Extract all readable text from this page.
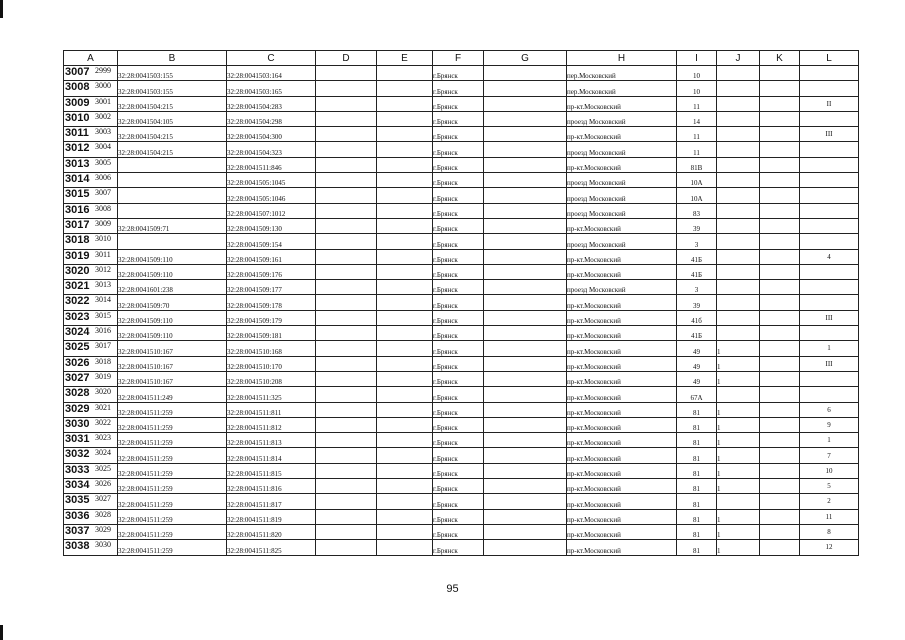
A	B	C	D	E	F	G	H	I	J	K	L

3007 2999	32:28:0041503:155	32:28:0041503:164			г.Брянск		пер.Московский	10			

3008 3000	32:28:0041503:155	32:28:0041503:165			г.Брянск		пер.Московский	10			

3009 3001	32:28:0041504:215	32:28:0041504:283			г.Брянск		пр-кт.Московский	11			II

3010 3002	32:28:0041504:105	32:28:0041504:298			г.Брянск		проезд Московский	14			

3011 3003	32:28:0041504:215	32:28:0041504:300			г.Брянск		пр-кт.Московский	11			III

3012 3004	32:28:0041504:215	32:28:0041504:323			г.Брянск		проезд Московский	11			

3013 3005		32:28:0041511:846			г.Брянск		пр-кт.Московский	81В			

3014 3006		32:28:0041505:1045			г.Брянск		проезд Московский	10А			

3015 3007		32:28:0041505:1046			г.Брянск		проезд Московский	10А			

3016 3008		32:28:0041507:1012			г.Брянск		проезд Московский	83			

3017 3009	32:28:0041509:71	32:28:0041509:130			г.Брянск		пр-кт.Московский	39			

3018 3010		32:28:0041509:154			г.Брянск		проезд Московский	3			

3019 3011	32:28:0041509:110	32:28:0041509:161			г.Брянск		пр-кт.Московский	41Б			4

3020 3012	32:28:0041509:110	32:28:0041509:176			г.Брянск		пр-кт.Московский	41Б			

3021 3013	32:28:0041601:238	32:28:0041509:177			г.Брянск		проезд Московский	3			

3022 3014	32:28:0041509:70	32:28:0041509:178			г.Брянск		пр-кт.Московский	39			

3023 3015	32:28:0041509:110	32:28:0041509:179			г.Брянск		пр-кт.Московский	41б			III

3024 3016	32:28:0041509:110	32:28:0041509:181			г.Брянск		пр-кт.Московский	41Б			

3025 3017	32:28:0041510:167	32:28:0041510:168			г.Брянск		пр-кт.Московский	49	1		1

3026 3018	32:28:0041510:167	32:28:0041510:170			г.Брянск		пр-кт.Московский	49	1		III

3027 3019	32:28:0041510:167	32:28:0041510:208			г.Брянск		пр-кт.Московский	49	1		

3028 3020	32:28:0041511:249	32:28:0041511:325			г.Брянск		пр-кт.Московский	67А			

3029 3021	32:28:0041511:259	32:28:0041511:811			г.Брянск		пр-кт.Московский	81	1		6

3030 3022	32:28:0041511:259	32:28:0041511:812			г.Брянск		пр-кт.Московский	81	1		9

3031 3023	32:28:0041511:259	32:28:0041511:813			г.Брянск		пр-кт.Московский	81	1		1

3032 3024	32:28:0041511:259	32:28:0041511:814			г.Брянск		пр-кт.Московский	81	1		7

3033 3025	32:28:0041511:259	32:28:0041511:815			г.Брянск		пр-кт.Московский	81	1		10

3034 3026	32:28:0041511:259	32:28:0041511:816			г.Брянск		пр-кт.Московский	81	1		5

3035 3027	32:28:0041511:259	32:28:0041511:817			г.Брянск		пр-кт.Московский	81			2

3036 3028	32:28:0041511:259	32:28:0041511:819			г.Брянск		пр-кт.Московский	81	1		11

3037 3029	32:28:0041511:259	32:28:0041511:820			г.Брянск		пр-кт.Московский	81	1		8

3038 3030	32:28:0041511:259	32:28:0041511:825			г.Брянск		пр-кт.Московский	81	1		12
95
